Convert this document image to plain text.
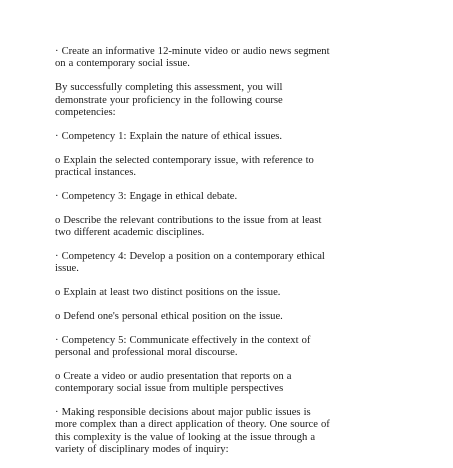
· Create an informative 12-minute video or audio news segment
on a contemporary social issue.

By successfully completing this assessment, you will
demonstrate your proficiency in the following course
competencies:

· Competency 1: Explain the nature of ethical issues.

o Explain the selected contemporary issue, with reference to
practical instances.

· Competency 3: Engage in ethical debate.

o Describe the relevant contributions to the issue from at least
two different academic disciplines.

· Competency 4: Develop a position on a contemporary ethical
issue.

o Explain at least two distinct positions on the issue.

o Defend one's personal ethical position on the issue.

· Competency 5: Communicate effectively in the context of
personal and professional moral discourse.

o Create a video or audio presentation that reports on a
contemporary social issue from multiple perspectives

· Making responsible decisions about major public issues is
more complex than a direct application of theory. One source of
this complexity is the value of looking at the issue through a
variety of disciplinary modes of inquiry:
